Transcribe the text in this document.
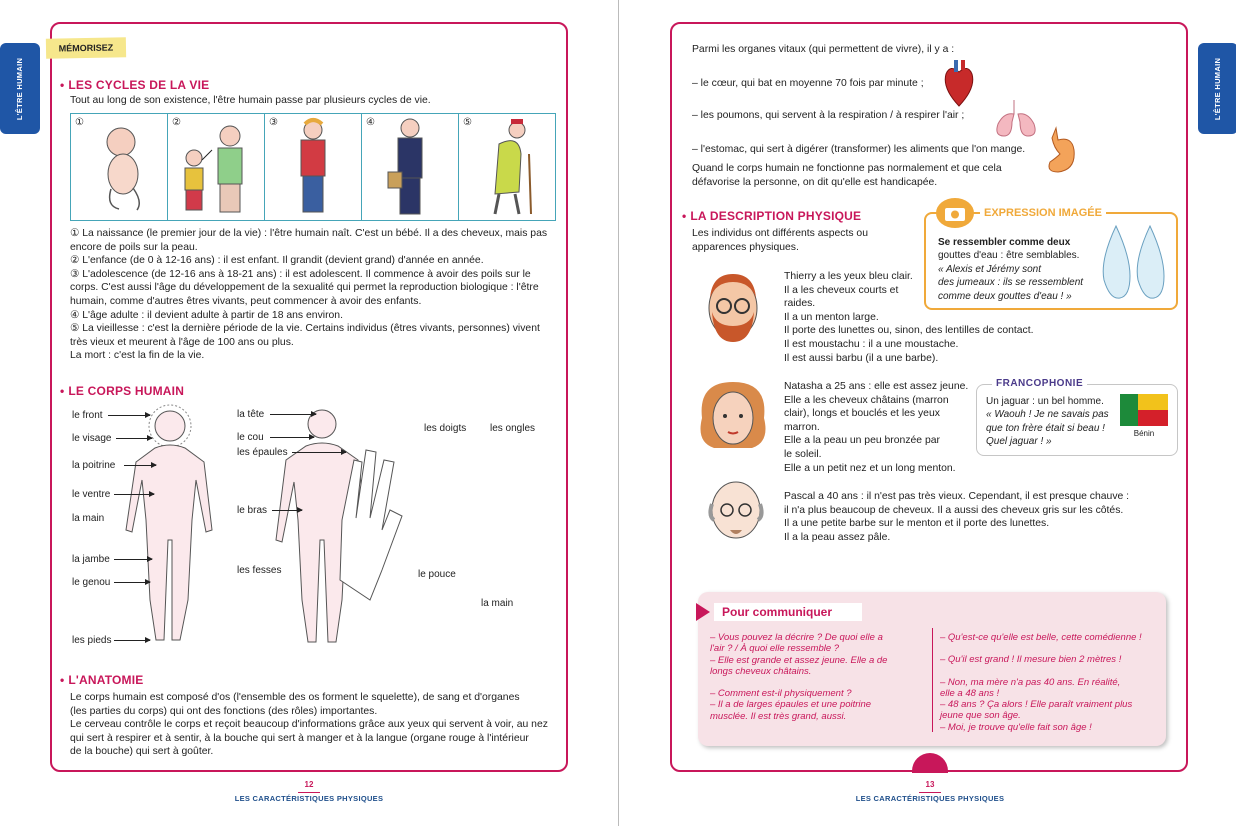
L'ÊTRE HUMAIN	L'ÊTRE HUMAIN
MÉMORISEZ
• LES CYCLES DE LA VIE
Tout au long de son existence, l'être humain passe par plusieurs cycles de vie.
①	②	③	④	⑤
① La naissance (le premier jour de la vie) : l'être humain naît. C'est un bébé. Il a des cheveux, mais pas encore de poils sur la peau.
② L'enfance (de 0 à 12-16 ans) : il est enfant. Il grandit (devient grand) d'année en année.
③ L'adolescence (de 12-16 ans à 18-21 ans) : il est adolescent. Il commence à avoir des poils sur le corps. C'est aussi l'âge du développement de la sexualité qui permet la reproduction biologique : l'être humain, comme d'autres êtres vivants, peut commencer à avoir des enfants.
④ L'âge adulte : il devient adulte à partir de 18 ans environ.
⑤ La vieillesse : c'est la dernière période de la vie. Certains individus (êtres vivants, personnes) vivent très vieux et meurent à l'âge de 100 ans ou plus.
La mort : c'est la fin de la vie.
• LE CORPS HUMAIN
le front
le visage
la poitrine
le ventre
la main
la jambe
le genou
les pieds
la tête
le cou
les épaules
le bras
les fesses
les doigts les ongles
le pouce
la main
• L'ANATOMIE
Le corps humain est composé d'os (l'ensemble des os forment le squelette), de sang et d'organes
(les parties du corps) qui ont des fonctions (des rôles) importantes.
Le cerveau contrôle le corps et reçoit beaucoup d'informations grâce aux yeux qui servent à voir, au nez
qui sert à respirer et à sentir, à la bouche qui sert à manger et à la langue (organe rouge à l'intérieur
de la bouche) qui sert à goûter.
12
LES CARACTÉRISTIQUES PHYSIQUES
Parmi les organes vitaux (qui permettent de vivre), il y a :
– le cœur, qui bat en moyenne 70 fois par minute ;
– les poumons, qui servent à la respiration / à respirer l'air ;
– l'estomac, qui sert à digérer (transformer) les aliments que l'on mange.
Quand le corps humain ne fonctionne pas normalement et que cela défavorise la personne, on dit qu'elle est handicapée.
• LA DESCRIPTION PHYSIQUE
Les individus ont différents aspects ou apparences physiques.
Thierry a les yeux bleu clair.
Il a les cheveux courts et
raides.
Il a un menton large.
Il porte des lunettes ou, sinon, des lentilles de contact.
Il est moustachu : il a une moustache.
Il est aussi barbu (il a une barbe).
Natasha a 25 ans : elle est assez jeune.
Elle a les cheveux châtains (marron
clair), longs et bouclés et les yeux
marron.
Elle a la peau un peu bronzée par
le soleil.
Elle a un petit nez et un long menton.
Pascal a 40 ans : il n'est pas très vieux. Cependant, il est presque chauve :
il n'a plus beaucoup de cheveux. Il a aussi des cheveux gris sur les côtés.
Il a une petite barbe sur le menton et il porte des lunettes.
Il a la peau assez pâle.
EXPRESSION IMAGÉE
Se ressembler comme deux
gouttes d'eau : être semblables.
« Alexis et Jérémy sont
des jumeaux : ils se ressemblent
comme deux gouttes d'eau ! »
FRANCOPHONIE
Un jaguar : un bel homme.
« Waouh ! Je ne savais pas
que ton frère était si beau !
Quel jaguar ! »
Bénin
Pour communiquer
– Vous pouvez la décrire ? De quoi elle a
l'air ? / À quoi elle ressemble ?
– Elle est grande et assez jeune. Elle a de
longs cheveux châtains.
– Comment est-il physiquement ?
– Il a de larges épaules et une poitrine
musclée. Il est très grand, aussi.
– Qu'est-ce qu'elle est belle, cette comédienne !
– Qu'il est grand ! Il mesure bien 2 mètres !
– Non, ma mère n'a pas 40 ans. En réalité,
elle a 48 ans !
– 48 ans ? Ça alors ! Elle paraît vraiment plus
jeune que son âge.
– Moi, je trouve qu'elle fait son âge !
13
LES CARACTÉRISTIQUES PHYSIQUES
